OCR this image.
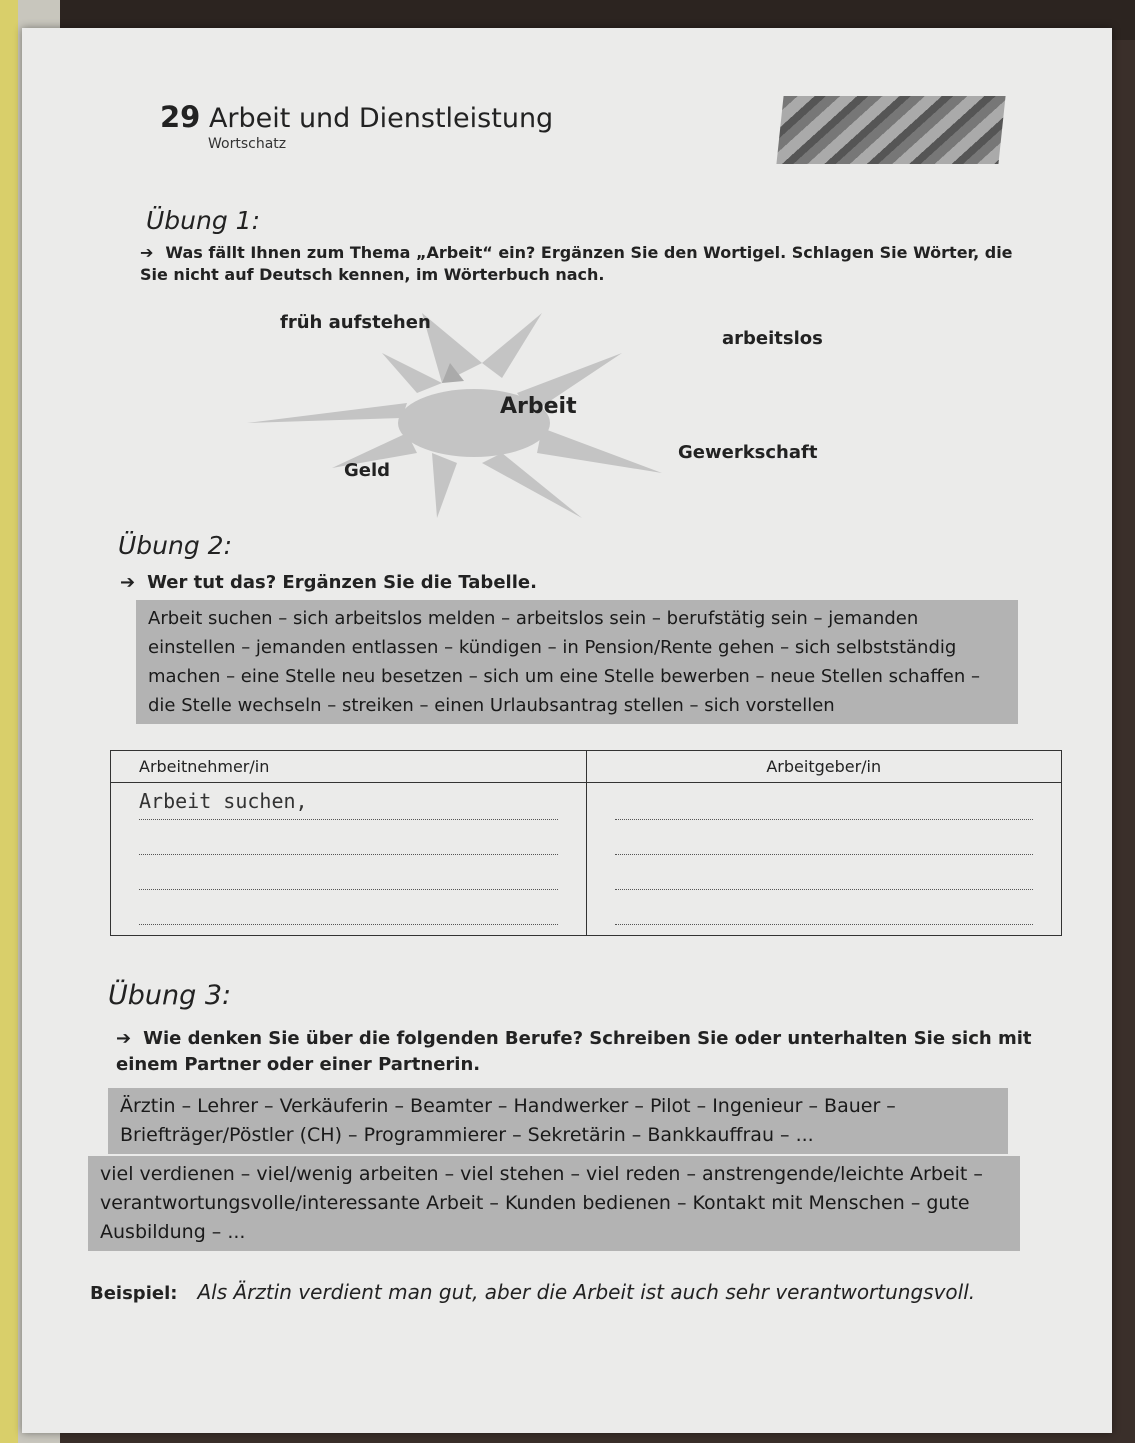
29 Arbeit und Dienstleistung
Wortschatz
Übung 1:
➔ Was fällt Ihnen zum Thema „Arbeit“ ein? Ergänzen Sie den Wortigel. Schlagen Sie Wörter, die Sie nicht auf Deutsch kennen, im Wörterbuch nach.
Arbeit
früh aufstehen
arbeitslos
Gewerkschaft
Geld
Übung 2:
➔ Wer tut das? Ergänzen Sie die Tabelle.
Arbeit suchen – sich arbeitslos melden – arbeitslos sein – berufstätig sein – jemanden einstellen – jemanden entlassen – kündigen – in Pension/Rente gehen – sich selbstständig machen – eine Stelle neu besetzen – sich um eine Stelle bewerben – neue Stellen schaffen – die Stelle wechseln – streiken – einen Urlaubsantrag stellen – sich vorstellen
Arbeitnehmer/in	Arbeitgeber/in

Arbeit suchen,	

Übung 3:
➔ Wie denken Sie über die folgenden Berufe? Schreiben Sie oder unterhalten Sie sich mit einem Partner oder einer Partnerin.
Ärztin – Lehrer – Verkäuferin – Beamter – Handwerker – Pilot – Ingenieur – Bauer – Briefträger/Pöstler (CH) – Programmierer – Sekretärin – Bankkauffrau – ...
viel verdienen – viel/wenig arbeiten – viel stehen – viel reden – anstrengende/leichte Arbeit – verantwortungsvolle/interessante Arbeit – Kunden bedienen – Kontakt mit Menschen – gute Ausbildung – ...
Beispiel: Als Ärztin verdient man gut, aber die Arbeit ist auch sehr verantwortungsvoll.
